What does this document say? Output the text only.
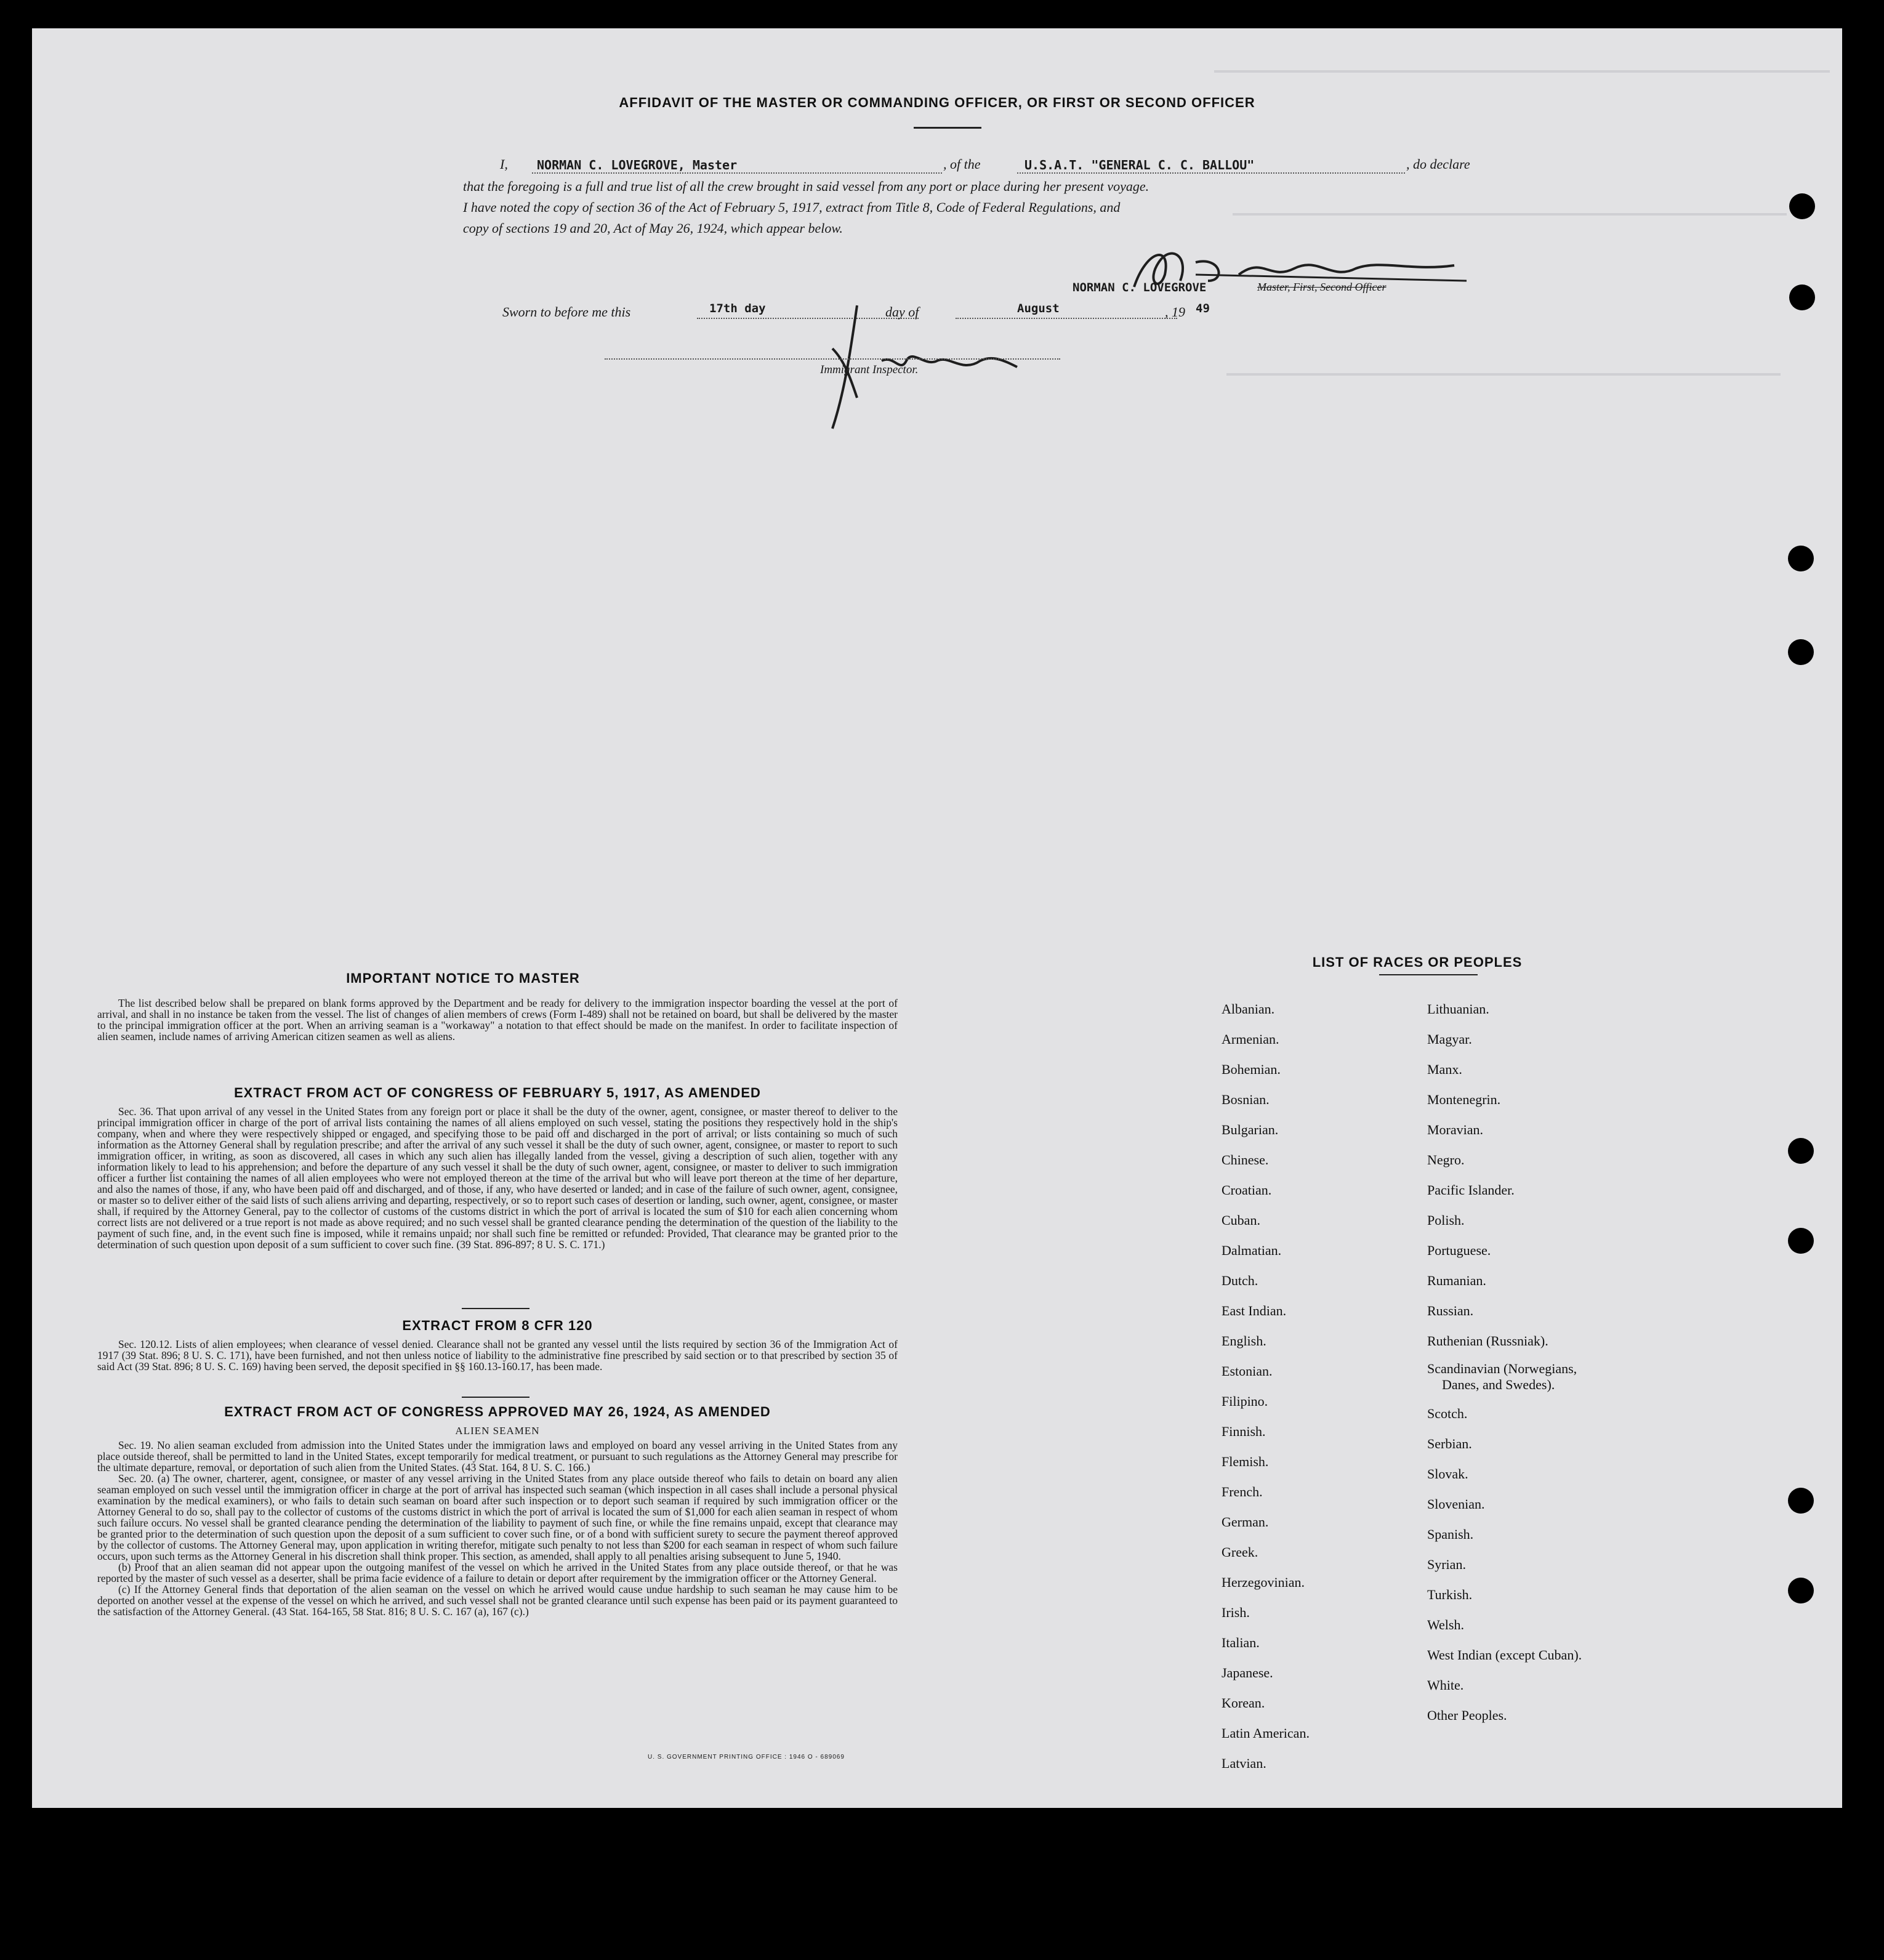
AFFIDAVIT OF THE MASTER OR COMMANDING OFFICER, OR FIRST OR SECOND OFFICER
I, NORMAN C. LOVEGROVE, Master	, of the	U.S.A.T. "GENERAL C. C. BALLOU"	, do declare
that the foregoing is a full and true list of all the crew brought in said vessel from any port or place during her present voyage.
I have noted the copy of section 36 of the Act of February 5, 1917, extract from Title 8, Code of Federal Regulations, and
copy of sections 19 and 20, Act of May 26, 1924, which appear below.
NORMAN C. LOVEGROVE	Master, First, Second Officer
Sworn to before me this	17th day	day of	August	, 19 49
Immigrant Inspector.
IMPORTANT NOTICE TO MASTER

The list described below shall be prepared on blank forms approved by the Department and be ready for delivery to the immigration inspector boarding the vessel at the port of arrival, and shall in no instance be taken from the vessel. The list of changes of alien members of crews (Form I-489) shall not be retained on board, but shall be delivered by the master to the principal immigration officer at the port. When an arriving seaman is a "workaway" a notation to that effect should be made on the manifest. In order to facilitate inspection of alien seamen, include names of arriving American citizen seamen as well as aliens.

EXTRACT FROM ACT OF CONGRESS OF FEBRUARY 5, 1917, AS AMENDED

Sec. 36. That upon arrival of any vessel in the United States from any foreign port or place it shall be the duty of the owner, agent, consignee, or master thereof to deliver to the principal immigration officer in charge of the port of arrival lists containing the names of all aliens employed on such vessel, stating the positions they respectively hold in the ship's company, when and where they were respectively shipped or engaged, and specifying those to be paid off and discharged in the port of arrival; or lists containing so much of such information as the Attorney General shall by regulation prescribe; and after the arrival of any such vessel it shall be the duty of such owner, agent, consignee, or master to report to such immigration officer, in writing, as soon as discovered, all cases in which any such alien has illegally landed from the vessel, giving a description of such alien, together with any information likely to lead to his apprehension; and before the departure of any such vessel it shall be the duty of such owner, agent, consignee, or master to deliver to such immigration officer a further list containing the names of all alien employees who were not employed thereon at the time of the arrival but who will leave port thereon at the time of her departure, and also the names of those, if any, who have been paid off and discharged, and of those, if any, who have deserted or landed; and in case of the failure of such owner, agent, consignee, or master so to deliver either of the said lists of such aliens arriving and departing, respectively, or so to report such cases of desertion or landing, such owner, agent, consignee, or master shall, if required by the Attorney General, pay to the collector of customs of the customs district in which the port of arrival is located the sum of $10 for each alien concerning whom correct lists are not delivered or a true report is not made as above required; and no such vessel shall be granted clearance pending the determination of the question of the liability to the payment of such fine, and, in the event such fine is imposed, while it remains unpaid; nor shall such fine be remitted or refunded: Provided, That clearance may be granted prior to the determination of such question upon deposit of a sum sufficient to cover such fine. (39 Stat. 896-897; 8 U. S. C. 171.)

EXTRACT FROM 8 CFR 120

Sec. 120.12. Lists of alien employees; when clearance of vessel denied. Clearance shall not be granted any vessel until the lists required by section 36 of the Immigration Act of 1917 (39 Stat. 896; 8 U. S. C. 171), have been furnished, and not then unless notice of liability to the administrative fine prescribed by said section or to that prescribed by section 35 of said Act (39 Stat. 896; 8 U. S. C. 169) having been served, the deposit specified in §§ 160.13-160.17, has been made.

EXTRACT FROM ACT OF CONGRESS APPROVED MAY 26, 1924, AS AMENDED
ALIEN SEAMEN

Sec. 19. No alien seaman excluded from admission into the United States under the immigration laws and employed on board any vessel arriving in the United States from any place outside thereof, shall be permitted to land in the United States, except temporarily for medical treatment, or pursuant to such regulations as the Attorney General may prescribe for the ultimate departure, removal, or deportation of such alien from the United States. (43 Stat. 164, 8 U. S. C. 166.)

Sec. 20. (a) The owner, charterer, agent, consignee, or master of any vessel arriving in the United States from any place outside thereof who fails to detain on board any alien seaman employed on such vessel until the immigration officer in charge at the port of arrival has inspected such seaman (which inspection in all cases shall include a personal physical examination by the medical examiners), or who fails to detain such seaman on board after such inspection or to deport such seaman if required by such immigration officer or the Attorney General to do so, shall pay to the collector of customs of the customs district in which the port of arrival is located the sum of $1,000 for each alien seaman in respect of whom such failure occurs. No vessel shall be granted clearance pending the determination of the liability to payment of such fine, or while the fine remains unpaid, except that clearance may be granted prior to the determination of such question upon the deposit of a sum sufficient to cover such fine, or of a bond with sufficient surety to secure the payment thereof approved by the collector of customs. The Attorney General may, upon application in writing therefor, mitigate such penalty to not less than $200 for each seaman in respect of whom such failure occurs, upon such terms as the Attorney General in his discretion shall think proper. This section, as amended, shall apply to all penalties arising subsequent to June 5, 1940.

(b) Proof that an alien seaman did not appear upon the outgoing manifest of the vessel on which he arrived in the United States from any place outside thereof, or that he was reported by the master of such vessel as a deserter, shall be prima facie evidence of a failure to detain or deport after requirement by the immigration officer or the Attorney General.

(c) If the Attorney General finds that deportation of the alien seaman on the vessel on which he arrived would cause undue hardship to such seaman he may cause him to be deported on another vessel at the expense of the vessel on which he arrived, and such vessel shall not be granted clearance until such expense has been paid or its payment guaranteed to the satisfaction of the Attorney General. (43 Stat. 164-165, 58 Stat. 816; 8 U. S. C. 167 (a), 167 (c).)

U. S. GOVERNMENT PRINTING OFFICE : 1946 O - 689069
LIST OF RACES OR PEOPLES
Albanian.
Armenian.
Bohemian.
Bosnian.
Bulgarian.
Chinese.
Croatian.
Cuban.
Dalmatian.
Dutch.
East Indian.
English.
Estonian.
Filipino.
Finnish.
Flemish.
French.
German.
Greek.
Herzegovinian.
Irish.
Italian.
Japanese.
Korean.
Latin American.
Latvian.
Lithuanian.
Magyar.
Manx.
Montenegrin.
Moravian.
Negro.
Pacific Islander.
Polish.
Portuguese.
Rumanian.
Russian.
Ruthenian (Russniak).
Scandinavian (Norwegians,
Danes, and Swedes).
Scotch.
Serbian.
Slovak.
Slovenian.
Spanish.
Syrian.
Turkish.
Welsh.
West Indian (except Cuban).
White.
Other Peoples.
